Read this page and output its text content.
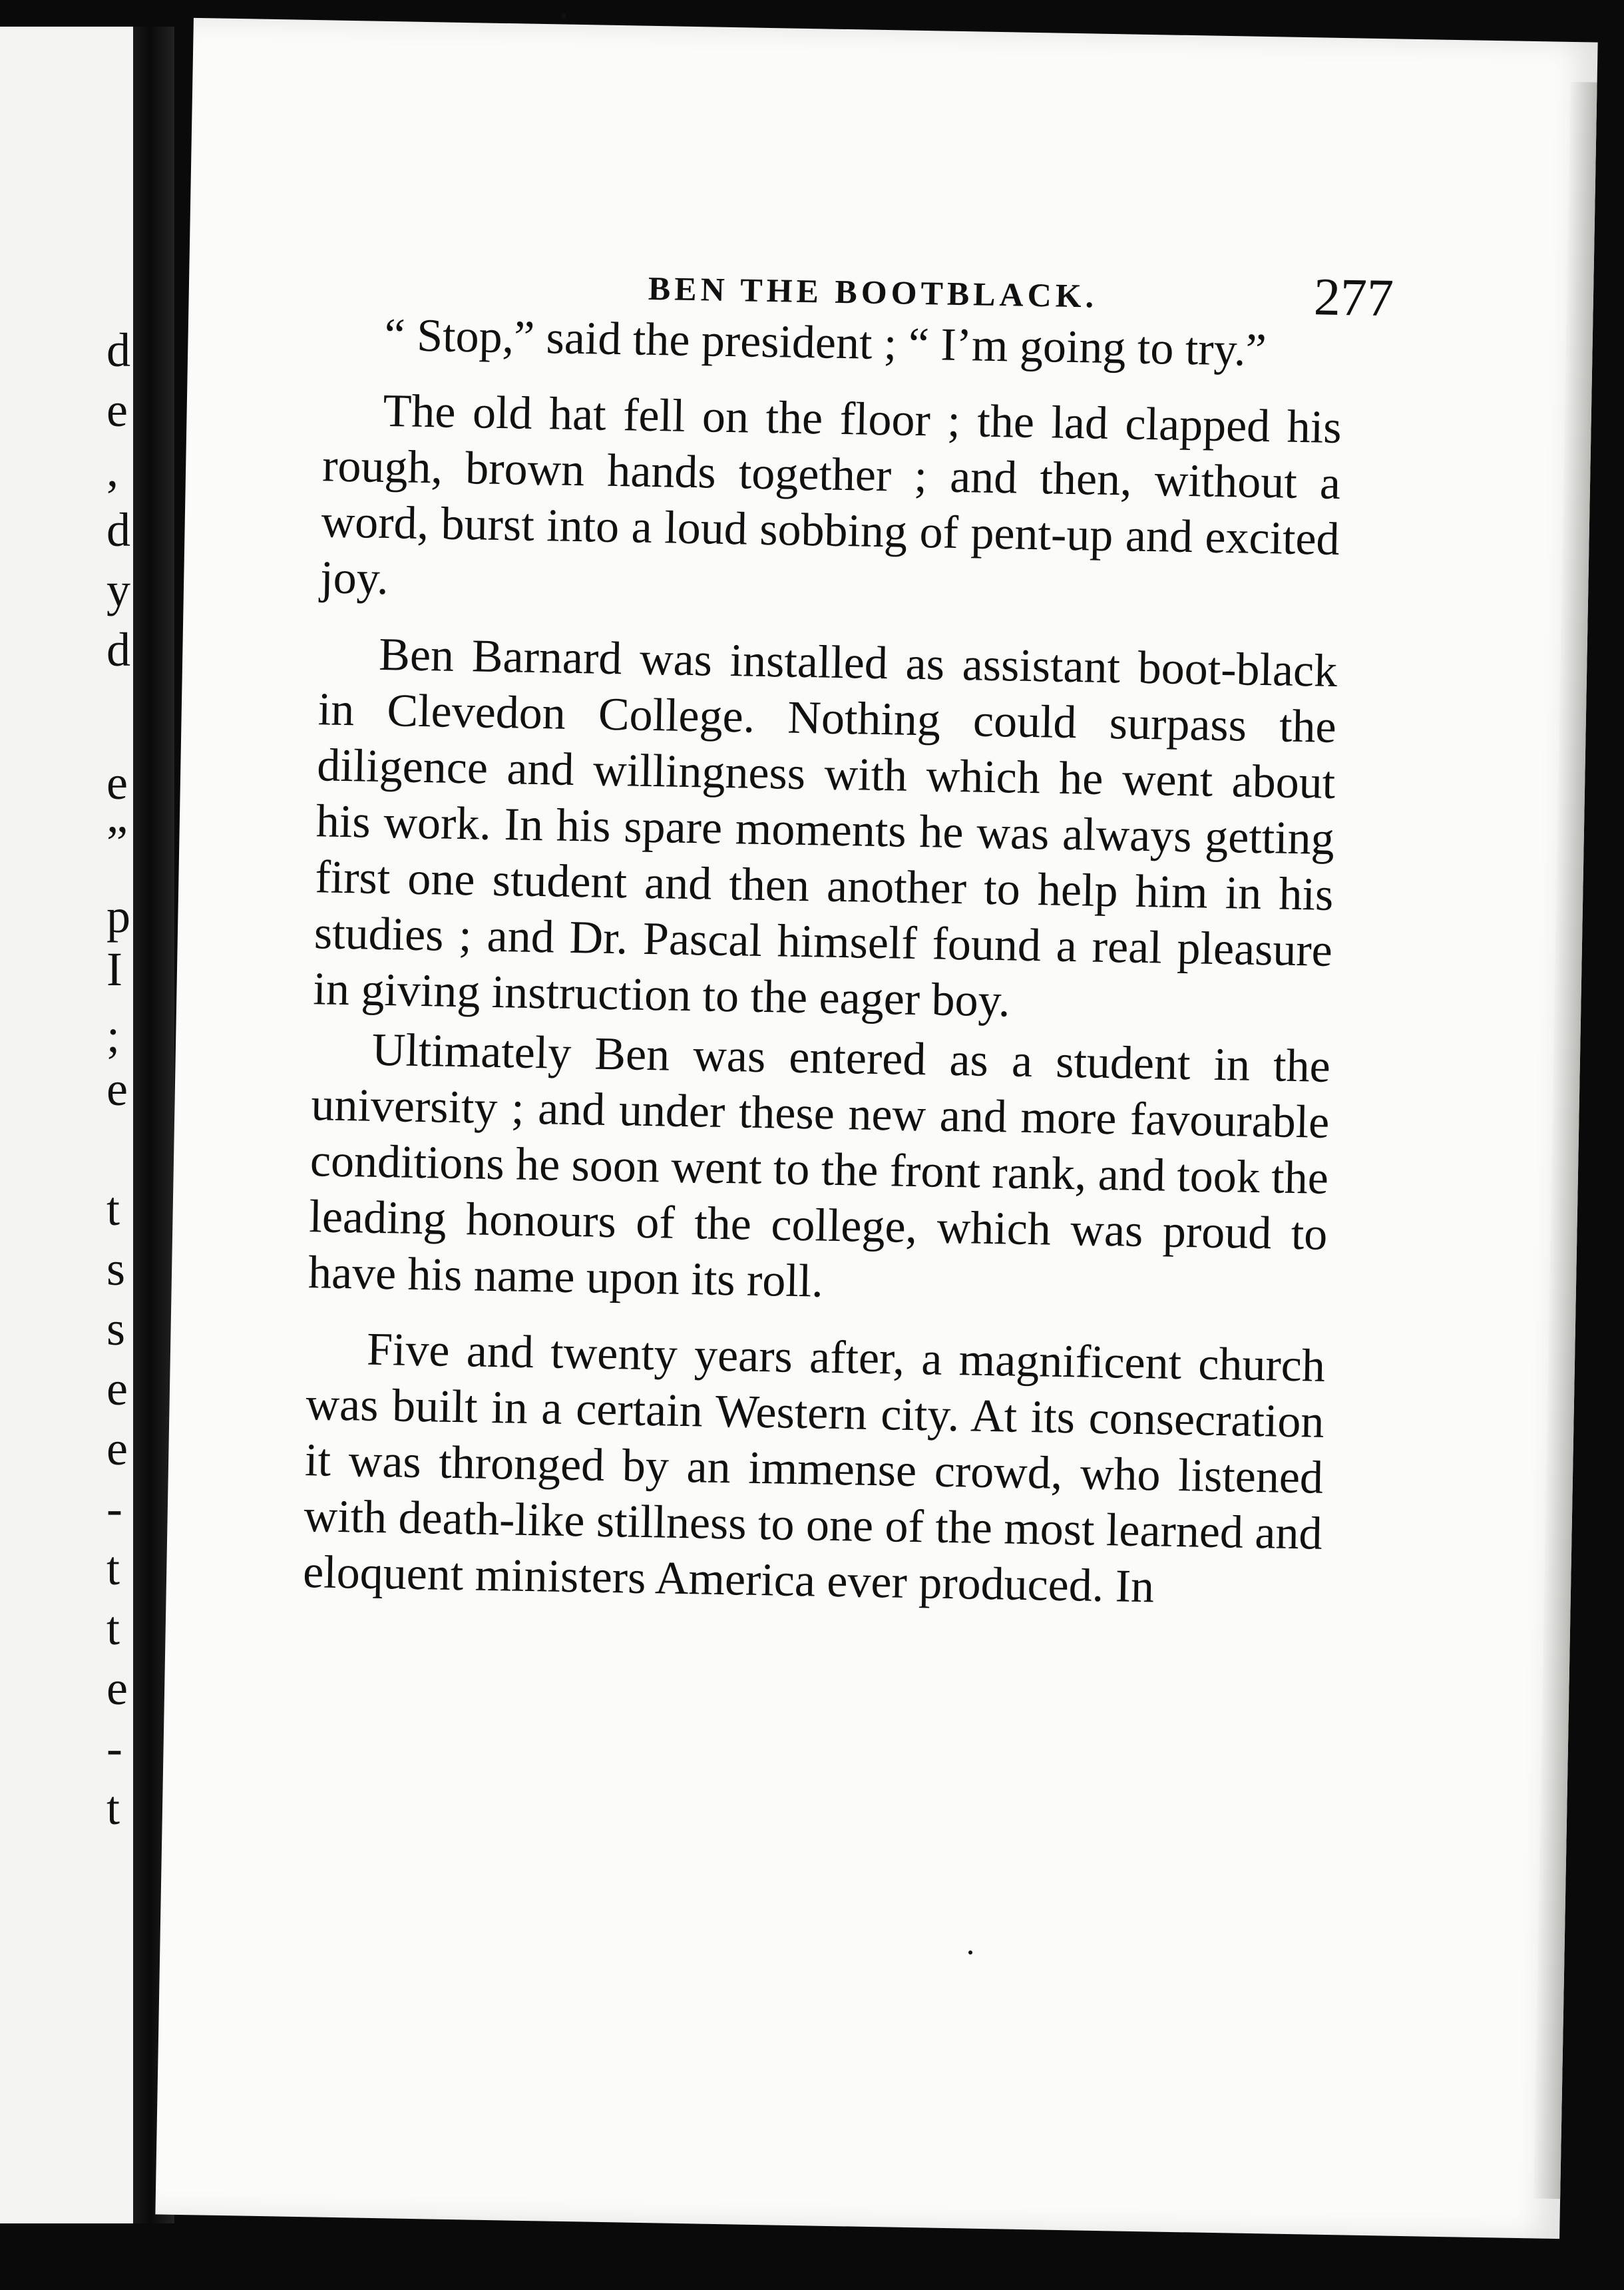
d
e
,
d
y
d
e
”
p
I
;
e
t
s
s
e
e
-
t
t
e
-
t
BEN THE BOOTBLACK.	277

“ Stop,” said the president ; “ I’m going to try.”

The old hat fell on the floor ; the lad clapped his rough, brown hands together ; and then, without a word, burst into a loud sobbing of pent-up and excited joy.

Ben Barnard was installed as assistant boot-black in Clevedon College. Nothing could surpass the diligence and willingness with which he went about his work. In his spare moments he was always getting first one student and then another to help him in his studies ; and Dr. Pascal himself found a real pleasure in giving instruction to the eager boy.

Ultimately Ben was entered as a student in the university ; and under these new and more favourable conditions he soon went to the front rank, and took the leading honours of the college, which was proud to have his name upon its roll.

Five and twenty years after, a magnificent church was built in a certain Western city. At its consecration it was thronged by an immense crowd, who listened with death-like stillness to one of the most learned and eloquent ministers America ever produced. In
